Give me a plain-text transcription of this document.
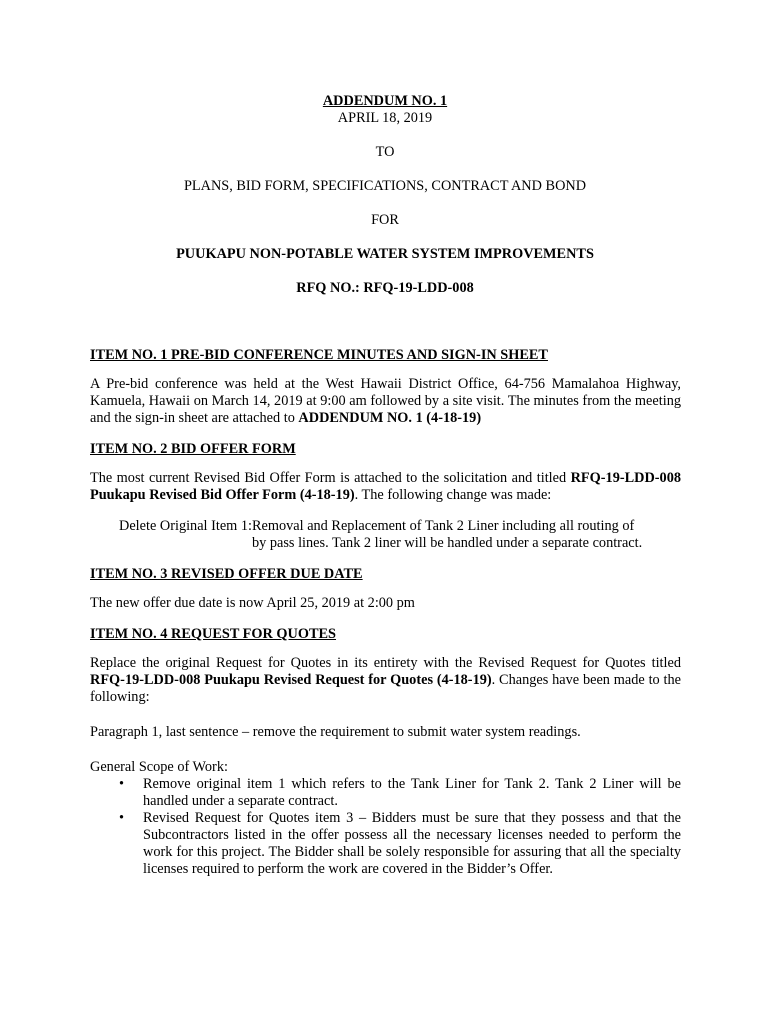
ADDENDUM NO. 1

APRIL 18, 2019

TO

PLANS, BID FORM, SPECIFICATIONS, CONTRACT AND BOND

FOR

PUUKAPU NON-POTABLE WATER SYSTEM IMPROVEMENTS

RFQ NO.: RFQ-19-LDD-008

ITEM NO. 1 PRE-BID CONFERENCE MINUTES AND SIGN-IN SHEET

A Pre-bid conference was held at the West Hawaii District Office, 64-756 Mamalahoa Highway, Kamuela, Hawaii on March 14, 2019 at 9:00 am followed by a site visit. The minutes from the meeting and the sign-in sheet are attached to ADDENDUM NO. 1 (4-18-19)

ITEM NO. 2 BID OFFER FORM

The most current Revised Bid Offer Form is attached to the solicitation and titled RFQ-19-LDD-008 Puukapu Revised Bid Offer Form (4-18-19). The following change was made:

Delete Original Item 1: Removal and Replacement of Tank 2 Liner including all routing of
by pass lines. Tank 2 liner will be handled under a separate contract.

ITEM NO. 3 REVISED OFFER DUE DATE

The new offer due date is now April 25, 2019 at 2:00 pm

ITEM NO. 4 REQUEST FOR QUOTES

Replace the original Request for Quotes in its entirety with the Revised Request for Quotes titled RFQ-19-LDD-008 Puukapu Revised Request for Quotes (4-18-19). Changes have been made to the following:

Paragraph 1, last sentence – remove the requirement to submit water system readings.

General Scope of Work:

• Remove original item 1 which refers to the Tank Liner for Tank 2. Tank 2 Liner will be handled under a separate contract.
• Revised Request for Quotes item 3 – Bidders must be sure that they possess and that the Subcontractors listed in the offer possess all the necessary licenses needed to perform the work for this project. The Bidder shall be solely responsible for assuring that all the specialty licenses required to perform the work are covered in the Bidder’s Offer.
